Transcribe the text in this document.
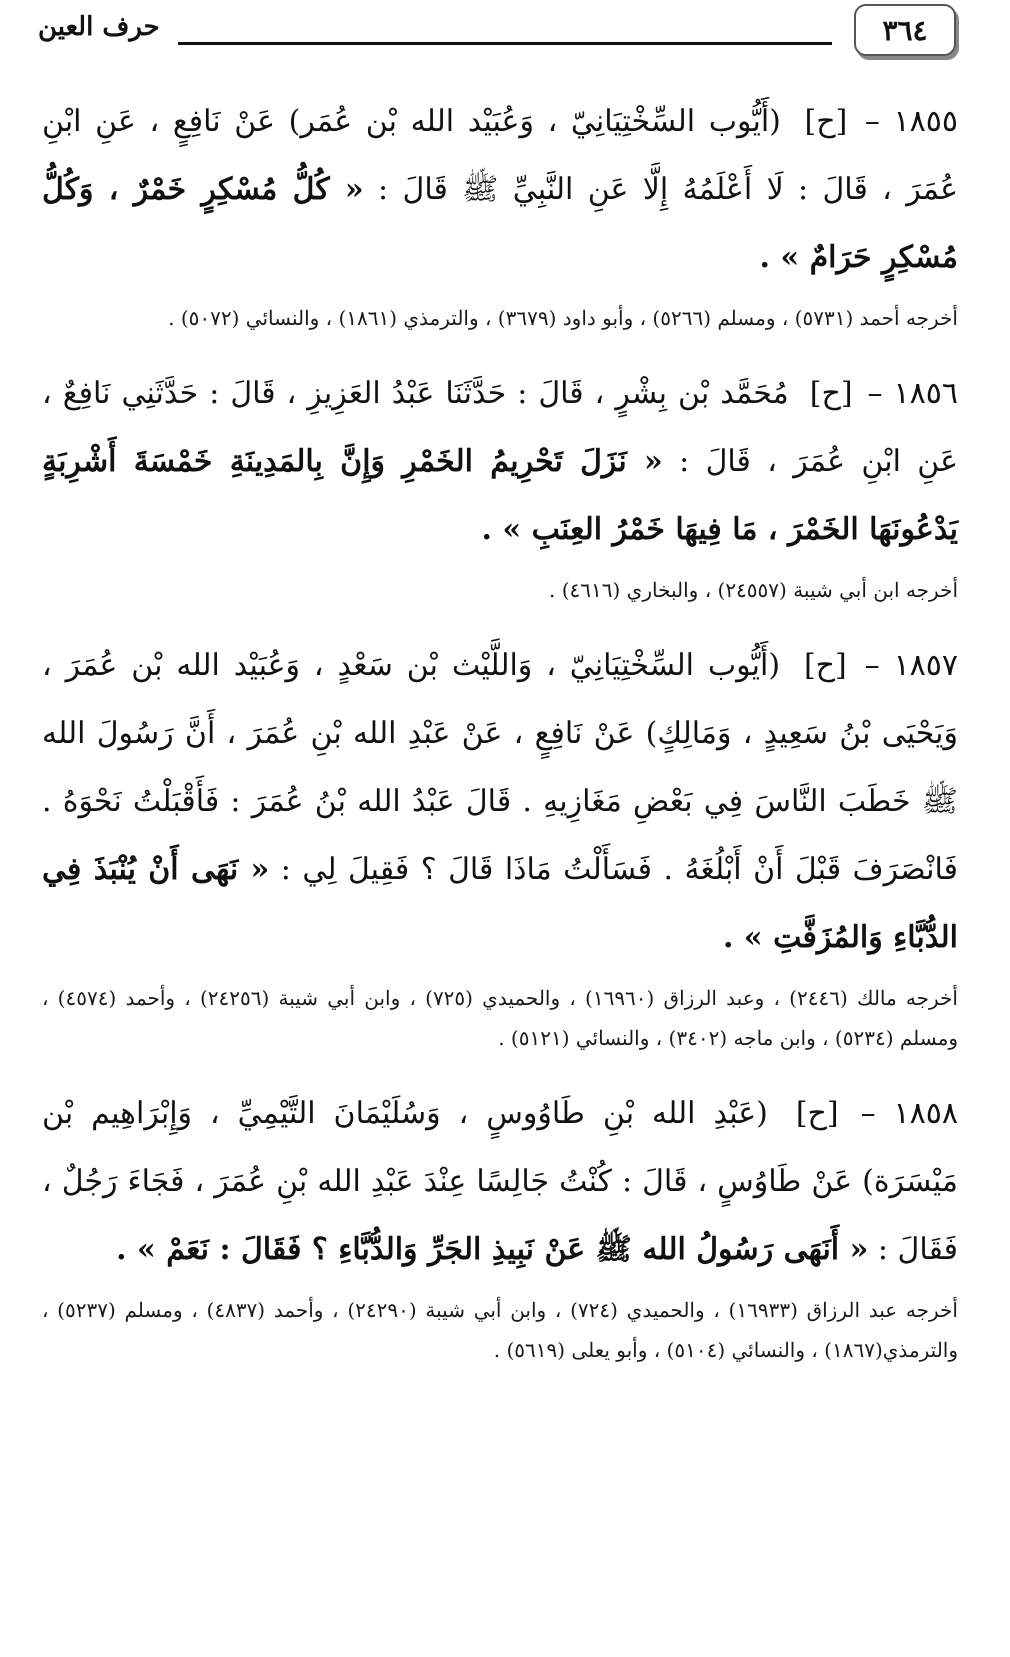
٣٦٤
حرف العين

١٨٥٥ – [ح] (أَيُّوب السِّخْتِيَانِيّ ، وَعُبَيْد الله بْن عُمَر) عَنْ نَافِعٍ ، عَنِ ابْنِ عُمَرَ ، قَالَ : لَا أَعْلَمُهُ إِلَّا عَنِ النَّبِيِّ ﷺ قَالَ : « كُلُّ مُسْكِرٍ خَمْرٌ ، وَكُلُّ مُسْكِرٍ حَرَامٌ » .

أخرجه أحمد (٥٧٣١) ، ومسلم (٥٢٦٦) ، وأبو داود (٣٦٧٩) ، والترمذي (١٨٦١) ، والنسائي (٥٠٧٢) .

١٨٥٦ – [ح] مُحَمَّد بْن بِشْرٍ ، قَالَ : حَدَّثَنَا عَبْدُ العَزِيزِ ، قَالَ : حَدَّثَنِي نَافِعٌ ، عَنِ ابْنِ عُمَرَ ، قَالَ : « نَزَلَ تَحْرِيمُ الخَمْرِ وَإِنَّ بِالمَدِينَةِ خَمْسَةَ أَشْرِبَةٍ يَدْعُونَهَا الخَمْرَ ، مَا فِيهَا خَمْرُ العِنَبِ » .

أخرجه ابن أبي شيبة (٢٤٥٥٧) ، والبخاري (٤٦١٦) .

١٨٥٧ – [ح] (أَيُّوب السِّخْتِيَانِيّ ، وَاللَّيْث بْن سَعْدٍ ، وَعُبَيْد الله بْن عُمَرَ ، وَيَحْيَى بْنُ سَعِيدٍ ، وَمَالِكٍ) عَنْ نَافِعٍ ، عَنْ عَبْدِ الله بْنِ عُمَرَ ، أَنَّ رَسُولَ الله ﷺ خَطَبَ النَّاسَ فِي بَعْضِ مَغَازِيهِ . قَالَ عَبْدُ الله بْنُ عُمَرَ : فَأَقْبَلْتُ نَحْوَهُ . فَانْصَرَفَ قَبْلَ أَنْ أَبْلُغَهُ . فَسَأَلْتُ مَاذَا قَالَ ؟ فَقِيلَ لِي : « نَهَى أَنْ يُنْبَذَ فِي الدُّبَّاءِ وَالمُزَفَّتِ » .

أخرجه مالك (٢٤٤٦) ، وعبد الرزاق (١٦٩٦٠) ، والحميدي (٧٢٥) ، وابن أبي شيبة (٢٤٢٥٦) ، وأحمد (٤٥٧٤) ، ومسلم (٥٢٣٤) ، وابن ماجه (٣٤٠٢) ، والنسائي (٥١٢١) .

١٨٥٨ – [ح] (عَبْدِ الله بْنِ طَاوُوسٍ ، وَسُلَيْمَانَ التَّيْمِيِّ ، وَإِبْرَاهِيم بْن مَيْسَرَة) عَنْ طَاوُسٍ ، قَالَ : كُنْتُ جَالِسًا عِنْدَ عَبْدِ الله بْنِ عُمَرَ ، فَجَاءَ رَجُلٌ ، فَقَالَ : « أَنَهَى رَسُولُ الله ﷺ عَنْ نَبِيذِ الجَرِّ وَالدُّبَّاءِ ؟ فَقَالَ : نَعَمْ » .

أخرجه عبد الرزاق (١٦٩٣٣) ، والحميدي (٧٢٤) ، وابن أبي شيبة (٢٤٢٩٠) ، وأحمد (٤٨٣٧) ، ومسلم (٥٢٣٧) ، والترمذي(١٨٦٧) ، والنسائي (٥١٠٤) ، وأبو يعلى (٥٦١٩) .
